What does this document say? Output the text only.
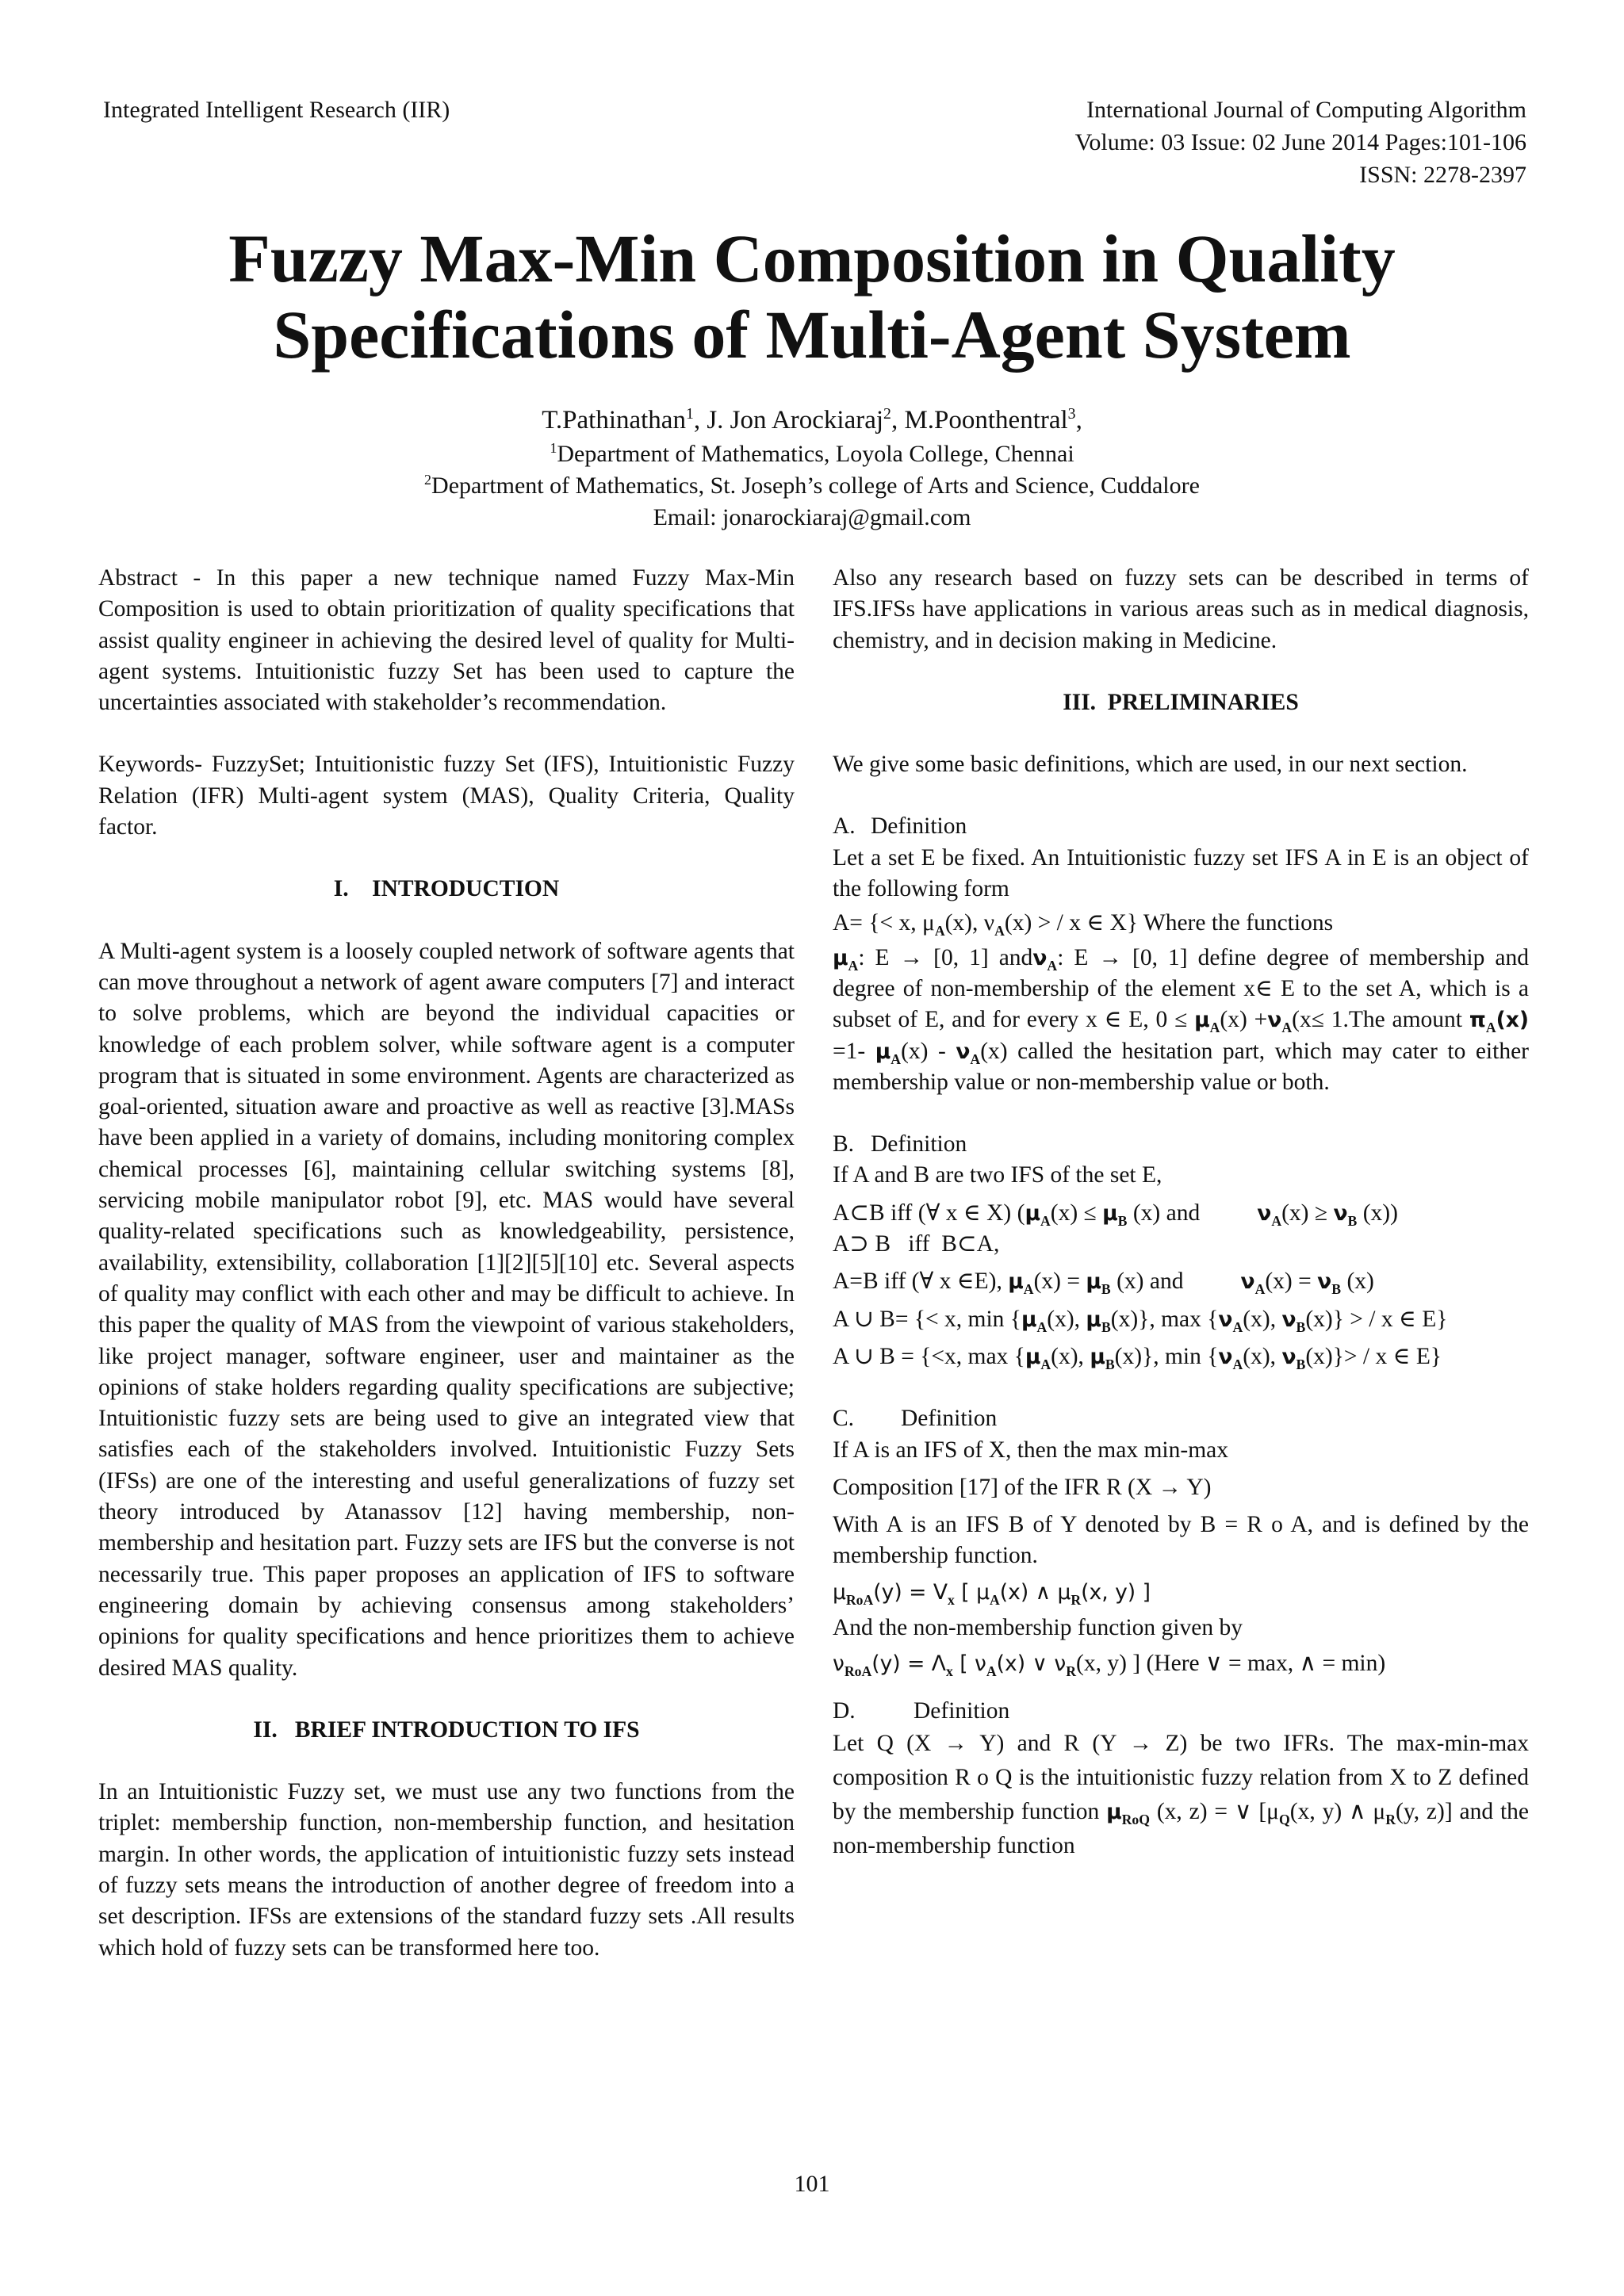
Integrated Intelligent Research (IIR)	International Journal of Computing Algorithm
Volume: 03 Issue: 02 June 2014 Pages:101-106
ISSN: 2278-2397
Fuzzy Max-Min Composition in Quality
Specifications of Multi-Agent System
T.Pathinathan$^1$, J. Jon Arockiaraj$^2$, M.Poonthentral$^3$,
$^1$Department of Mathematics, Loyola College, Chennai
$^2$Department of Mathematics, St. Joseph’s college of Arts and Science, Cuddalore
Email: jonarockiaraj@gmail.com

Abstract - In this paper a new technique named Fuzzy Max-Min Composition is used to obtain prioritization of quality specifications that assist quality engineer in achieving the desired level of quality for Multi-agent systems. Intuitionistic fuzzy Set has been used to capture the uncertainties associated with stakeholder’s recommendation.

Keywords- FuzzySet; Intuitionistic fuzzy Set (IFS), Intuitionistic Fuzzy Relation (IFR) Multi-agent system (MAS), Quality Criteria, Quality factor.

I.    INTRODUCTION

A Multi-agent system is a loosely coupled network of software agents that can move throughout a network of agent aware computers [7] and interact to solve problems, which are beyond the individual capacities or knowledge of each problem solver, while software agent is a computer program that is situated in some environment. Agents are characterized as goal-oriented, situation aware and proactive as well as reactive [3].MASs have been applied in a variety of domains, including monitoring complex chemical processes [6], maintaining cellular switching systems [8], servicing mobile manipulator robot [9], etc. MAS would have several quality-related specifications such as knowledgeability, persistence, availability, extensibility, collaboration [1][2][5][10] etc. Several aspects of quality may conflict with each other and may be difficult to achieve. In this paper the quality of MAS from the viewpoint of various stakeholders, like project manager, software engineer, user and maintainer as the opinions of stake holders regarding quality specifications are subjective; Intuitionistic fuzzy sets are being used to give an integrated view that satisfies each of the stakeholders involved. Intuitionistic Fuzzy Sets (IFSs) are one of the interesting and useful generalizations of fuzzy set theory introduced by Atanassov [12] having membership, non-membership and hesitation part. Fuzzy sets are IFS but the converse is not necessarily true. This paper proposes an application of IFS to software engineering domain by achieving consensus among stakeholders’ opinions for quality specifications and hence prioritizes them to achieve desired MAS quality.

II.   BRIEF INTRODUCTION TO IFS

In an Intuitionistic Fuzzy set, we must use any two functions from the triplet: membership function, non-membership function, and hesitation margin. In other words, the application of intuitionistic fuzzy sets instead of fuzzy sets means the introduction of another degree of freedom into a set description. IFSs are extensions of the standard fuzzy sets .All results which hold of fuzzy sets can be transformed here too.

Also any research based on fuzzy sets can be described in terms of IFS.IFSs have applications in various areas such as in medical diagnosis, chemistry, and in decision making in Medicine.

III.  PRELIMINARIES

We give some basic definitions, which are used, in our next section.

A. Definition

Let a set E be fixed. An Intuitionistic fuzzy set IFS A in E is an object of the following form

A= {< x, $\mu_A(x)$, $\nu_A(x)$ > / x ∈ X} Where the functions

$\mu_A$: E → [0, 1] andν$_A$: E → [0, 1] define degree of membership and degree of non-membership of the element x∈ E to the set A, which is a subset of E, and for every x ∈ E, $0 \le \mu_A(x) +\nu_A(x\le 1.The$ amount $\pi_A(x) =1-$ $\mu_A(x) - \nu_A(x)$ called the hesitation part, which may cater to either membership value or non-membership value or both.

B. Definition

If A and B are two IFS of the set E,

A⊂B iff (∀ x ∈ X) ($\mu_A(x) \le \mu_B$ (x) and	$\nu_A(x) \ge \nu_B$ (x))

A⊃ B   iff  B⊂A,

A=B iff (∀ x ∈E), $\mu_A(x) = \mu_B$ (x) and	$\nu_A(x) = \nu_B$ (x)

A ∪ B= {< x, $\min \{\mu_A(x)$, $\mu_B(x)$}, $\max \{\nu_A(x)$, $\nu_B(x)$} > / x ∈ E}

A ∪ B = {<x, $\max \{\mu_A(x)$, $\mu_B(x)$}, $\min \{\nu_A(x)$, $\nu_B(x)\}> / x$ ∈ E}

C. Definition

If A is an IFS of X, then the max min-max

Composition [17] of the IFR R (X → Y)

With A is an IFS B of Y denoted by B = R o A, and is defined by the membership function.

$\mu_{RoA}(y) = V_x$ [ $\mu_A(x)$ ∧ $\mu_R(x$, y) ]

And the non-membership function given by

$\nu_{RoA}(y) = \Lambda_x$ [ $\nu_A(x)$ ∨ $\nu_R(x$, y) ] (Here ∨ = max, ∧ = min)

D. Definition

Let Q (X → Y) and R (Y → Z) be two IFRs. The max-min-max composition R o Q is the intuitionistic fuzzy relation from X to Z defined by the membership function $\mu_{RoQ}$ (x, z) = ∨ [$\mu_Q(x$, y) ∧ $\mu_R(y$, z)] and the non-membership function

101
